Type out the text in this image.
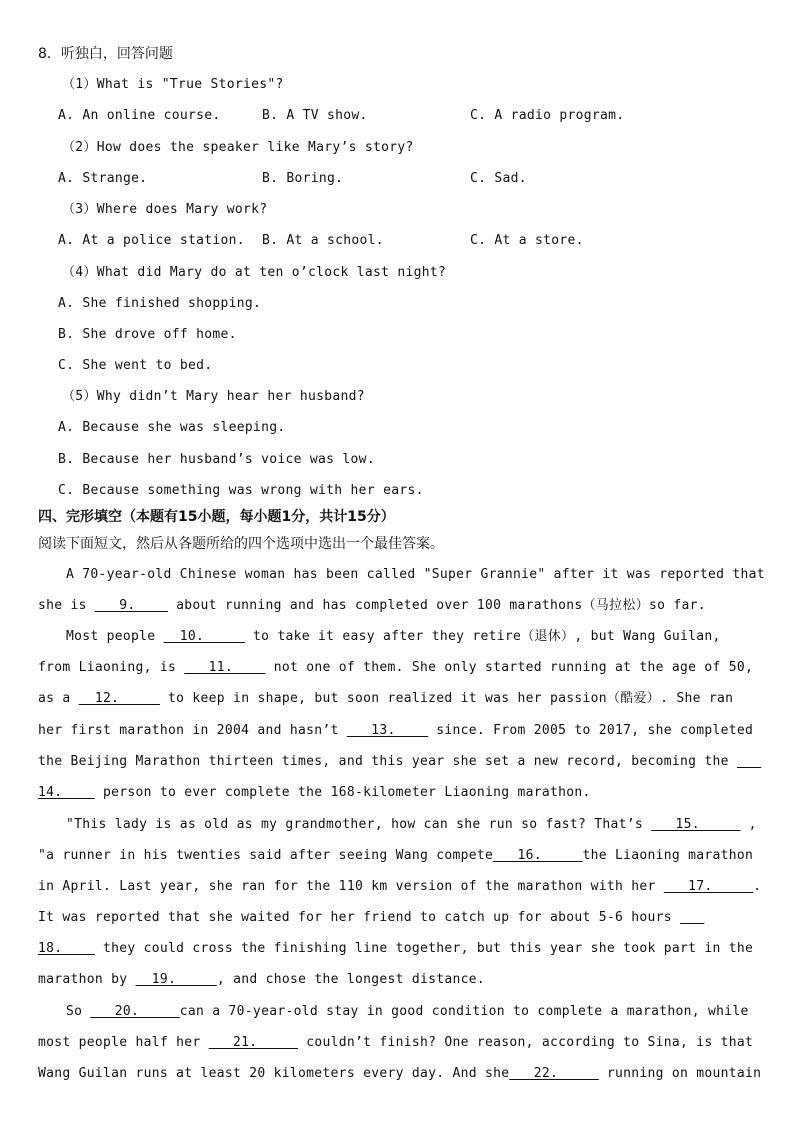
8．听独白，回答问题
（1）What is "True Stories"?
A. An online course.	B. A TV show.	C. A radio program.
（2）How does the speaker like Mary’s story?
A. Strange.	B. Boring.	C. Sad.
（3）Where does Mary work?
A. At a police station. B. At a school.	C. At a store.
（4）What did Mary do at ten o’clock last night?
A. She finished shopping.
B. She drove off home.
C. She went to bed.
（5）Why didn’t Mary hear her husband?
A. Because she was sleeping.
B. Because her husband’s voice was low.
C. Because something was wrong with her ears.
四、完形填空（本题有15小题，每小题1分，共计15分）
阅读下面短文，然后从各题所给的四个选项中选出一个最佳答案。
A 70-year-old Chinese woman has been called "Super Grannie" after it was reported that
she is    9.     about running and has completed over 100 marathons（马拉松）so far.
Most people   10.      to take it easy after they retire（退休）, but Wang Guilan,
from Liaoning, is    11.     not one of them. She only started running at the age of 50,
as a   12.      to keep in shape, but soon realized it was her passion（酷爱）. She ran
her first marathon in 2004 and hasn’t    13.     since. From 2005 to 2017, she completed
the Beijing Marathon thirteen times, and this year she set a new record, becoming the
14.     person to ever complete the 168-kilometer Liaoning marathon.
"This lady is as old as my grandmother, how can she run so fast? That’s    15.      ,
"a runner in his twenties said after seeing Wang compete   16.     the Liaoning marathon
in April. Last year, she ran for the 110 km version of the marathon with her    17.     .
It was reported that she waited for her friend to catch up for about 5-6 hours
18.     they could cross the finishing line together, but this year she took part in the
marathon by   19.     , and chose the longest distance.
So    20.     can a 70-year-old stay in good condition to complete a marathon, while
most people half her    21.      couldn’t finish? One reason, according to Sina, is that
Wang Guilan runs at least 20 kilometers every day. And she   22.      running on mountain
